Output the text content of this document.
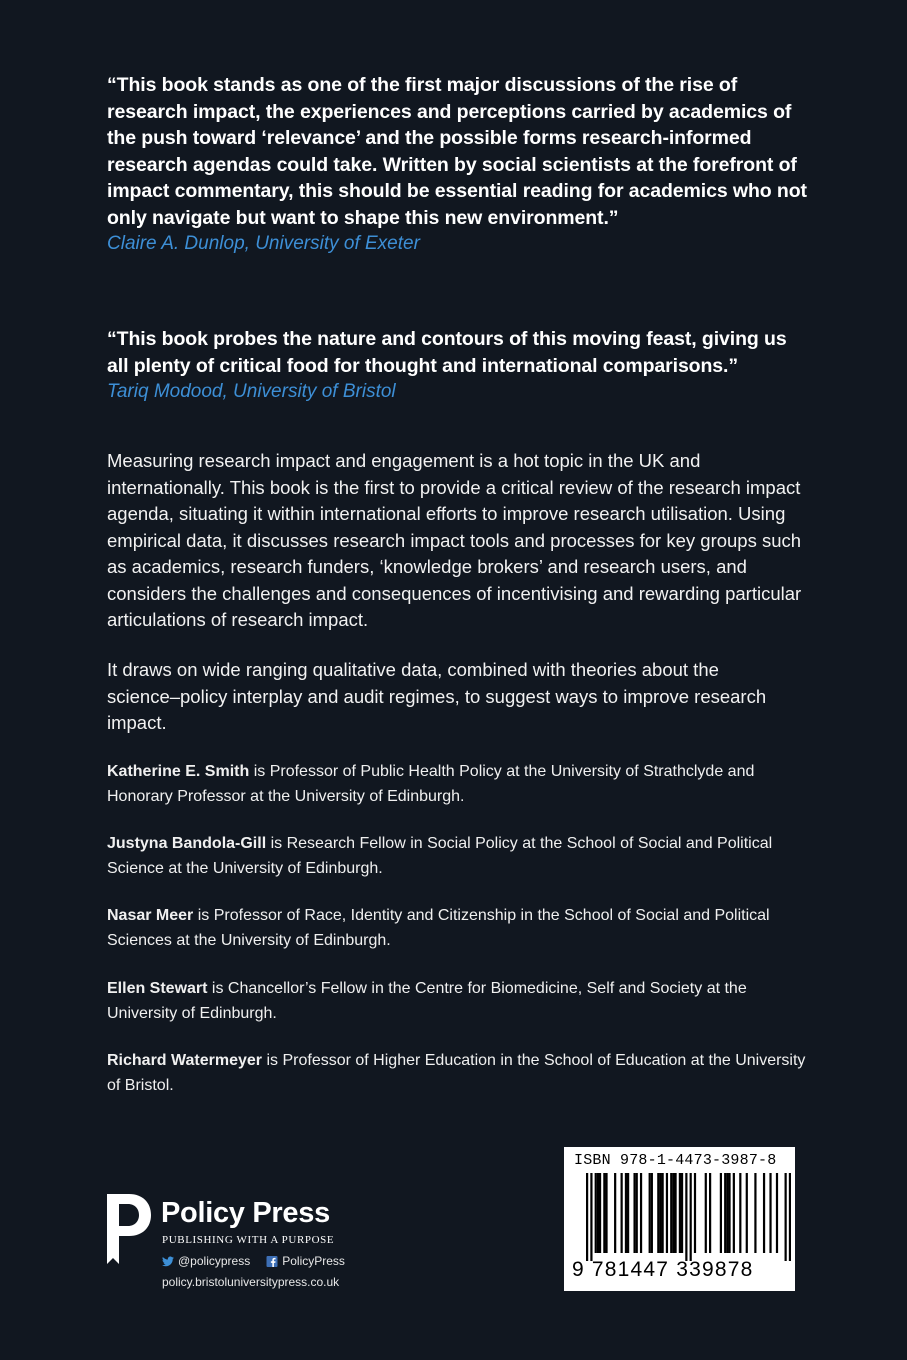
“This book stands as one of the first major discussions of the rise of research impact, the experiences and perceptions carried by academics of the push toward ‘relevance’ and the possible forms research-informed research agendas could take. Written by social scientists at the forefront of impact commentary, this should be essential reading for academics who not only navigate but want to shape this new environment.”

Claire A. Dunlop, University of Exeter

“This book probes the nature and contours of this moving feast, giving us all plenty of critical food for thought and international comparisons.”

Tariq Modood, University of Bristol

Measuring research impact and engagement is a hot topic in the UK and internationally. This book is the first to provide a critical review of the research impact agenda, situating it within international efforts to improve research utilisation. Using empirical data, it discusses research impact tools and processes for key groups such as academics, research funders, ‘knowledge brokers’ and research users, and considers the challenges and consequences of incentivising and rewarding particular articulations of research impact.

It draws on wide ranging qualitative data, combined with theories about the science–policy interplay and audit regimes, to suggest ways to improve research impact.

Katherine E. Smith is Professor of Public Health Policy at the University of Strathclyde and Honorary Professor at the University of Edinburgh.

Justyna Bandola-Gill is Research Fellow in Social Policy at the School of Social and Political Science at the University of Edinburgh.

Nasar Meer is Professor of Race, Identity and Citizenship in the School of Social and Political Sciences at the University of Edinburgh.

Ellen Stewart is Chancellor’s Fellow in the Centre for Biomedicine, Self and Society at the University of Edinburgh.

Richard Watermeyer is Professor of Higher Education in the School of Education at the University of Bristol.

Policy Press
PUBLISHING WITH A PURPOSE
@policypress	PolicyPress
policy.bristoluniversitypress.co.uk
ISBN 978-1-4473-3987-8
9 781447 339878
